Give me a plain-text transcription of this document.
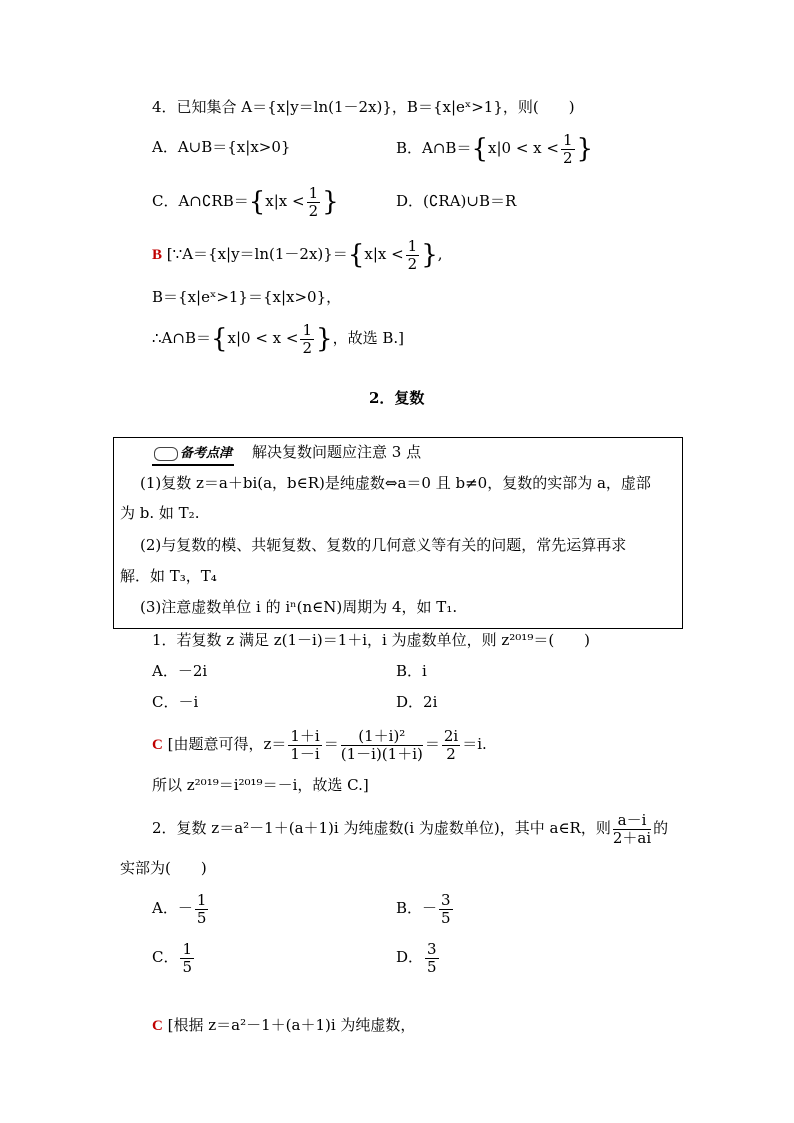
4．已知集合 A＝{x|y＝ln(1－2x)}，B＝{x|eˣ>1}，则(　　)
A．A∪B＝{x|x>0}	B．A∩B＝{x|0 < $x < \frac{1}{2}$ }
C．A∩∁RB＝{x|x < $\frac{1}{2}$ }	D．(∁RA)∪B＝R
B [∵A＝{x|y＝ln(1－2x)}＝{x|x < $\frac{1}{2}$ },
B＝{x|eˣ>1}＝{x|x>0}，
∴A∩B＝{x|0 < $x < \frac{1}{2}$ }，故选 B.]
2．复数
备考点津 解决复数问题应注意 3 点
(1)复数 z＝a＋bi(a，b∈R)是纯虚数⇔a＝0 且 b≠0，复数的实部为 a，虚部
为 b. 如 T₂.
(2)与复数的模、共轭复数、复数的几何意义等有关的问题，常先运算再求
解．如 T₃，T₄
(3)注意虚数单位 i 的 iⁿ(n∈N)周期为 4，如 T₁.
1．若复数 z 满足 z(1－i)＝1＋i，i 为虚数单位，则 z²⁰¹⁹＝(　　)
A．－2i	B．i
C．－i	D．2i
C [由题意可得，$z= \frac{1+i}{1-i} = \frac{\text{(1＋i)²}}{(1-i)(1+i)} = \frac{2i}{2} =i$.
所以 z²⁰¹⁹＝i²⁰¹⁹＝－i，故选 C.]
2．复数 z＝a²－1＋(a＋1)i 为纯虚数(i 为虚数单位)，其中 a∈R，则 $\frac{a-i}{2+ai}$ 的
实部为(　　)
A．－ $\frac{1}{5}$	B．－ $\frac{3}{5}$
C． $\frac{1}{5}$	D． $\frac{3}{5}$
C [根据 z＝a²－1＋(a＋1)i 为纯虚数，
